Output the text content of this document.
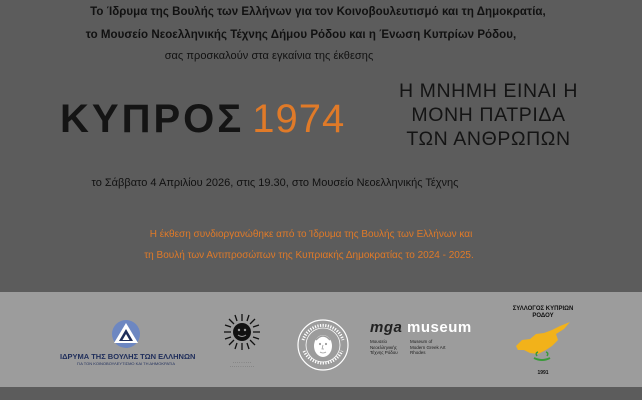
Το Ίδρυμα της Βουλής των Ελλήνων για τον Κοινοβουλευτισμό και τη Δημοκρατία,
το Μουσείο Νεοελληνικής Τέχνης Δήμου Ρόδου και η Ένωση Κυπρίων Ρόδου,
σας προσκαλούν στα εγκαίνια της έκθεσης
ΚΥΠΡΟΣ 1974
Η ΜΝΗΜΗ ΕΙΝΑΙ Η
ΜΟΝΗ ΠΑΤΡΙΔΑ
ΤΩΝ ΑΝΘΡΩΠΩΝ
το Σάββατο 4 Απριλίου 2026, στις 19.30, στο Μουσείο Νεοελληνικής Τέχνης
Η έκθεση συνδιοργανώθηκε από το Ίδρυμα της Βουλής των Ελλήνων και
τη Βουλή των Αντιπροσώπων της Κυπριακής Δημοκρατίας το 2024 - 2025.
ΙΔΡΥΜΑ ΤΗΣ ΒΟΥΛΗΣ ΤΩΝ ΕΛΛΗΝΩΝ
ΓΙΑ ΤΟΝ ΚΟΙΝΟΒΟΥΛΕΥΤΙΣΜΟ ΚΑΙ ΤΗ ΔΗΜΟΚΡΑΤΙΑ	· · · · · · · · ·
· · · · · · · · · · · ·
mga museum
Μουσείο
Νεοελληνικής
Τέχνης Ρόδου
Museum of
Modern Greek Art
Rhodes
ΣΥΛΛΟΓΟΣ ΚΥΠΡΙΩΝ
ΡΟΔΟΥ
1991
